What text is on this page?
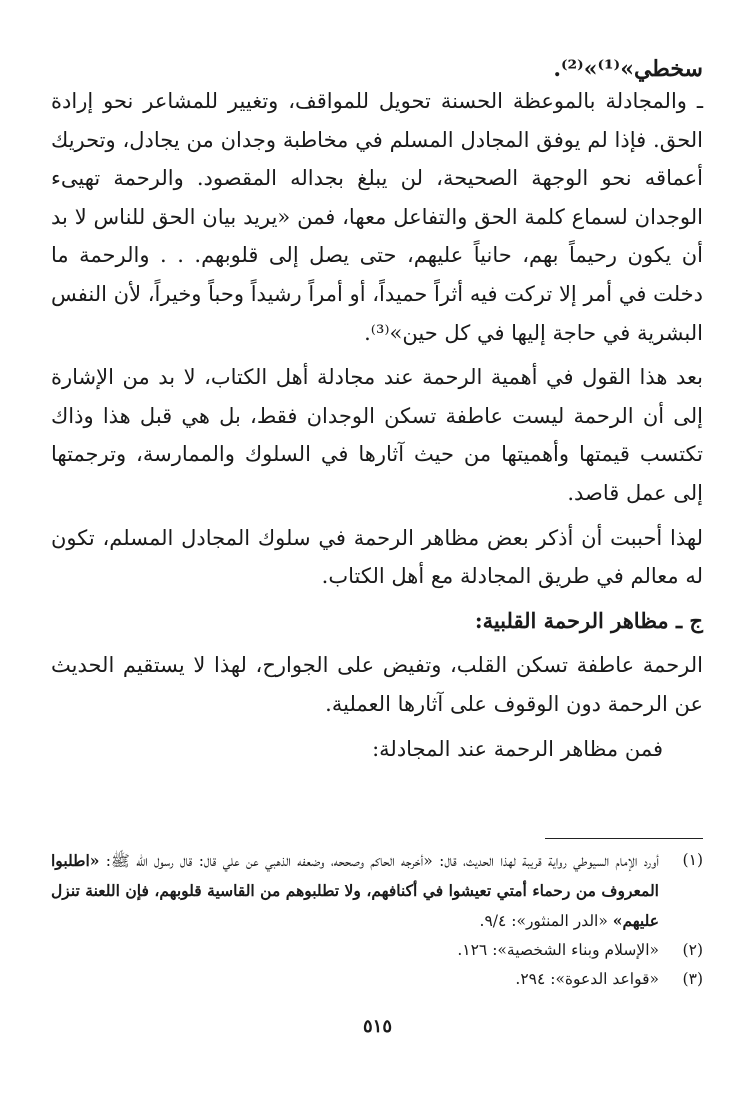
سخطي»⁽¹⁾»⁽²⁾.

ـ والمجادلة بالموعظة الحسنة تحويل للمواقف، وتغيير للمشاعر نحو إرادة الحق. فإذا لم يوفق المجادل المسلم في مخاطبة وجدان من يجادل، وتحريك أعماقه نحو الوجهة الصحيحة، لن يبلغ بجداله المقصود. والرحمة تهيىء الوجدان لسماع كلمة الحق والتفاعل معها، فمن «يريد بيان الحق للناس لا بد أن يكون رحيماً بهم، حانياً عليهم، حتى يصل إلى قلوبهم. . . والرحمة ما دخلت في أمر إلا تركت فيه أثراً حميداً، أو أمراً رشيداً وحباً وخيراً، لأن النفس البشرية في حاجة إليها في كل حين»⁽³⁾.

بعد هذا القول في أهمية الرحمة عند مجادلة أهل الكتاب، لا بد من الإشارة إلى أن الرحمة ليست عاطفة تسكن الوجدان فقط، بل هي قبل هذا وذاك تكتسب قيمتها وأهميتها من حيث آثارها في السلوك والممارسة، وترجمتها إلى عمل قاصد.

لهذا أحببت أن أذكر بعض مظاهر الرحمة في سلوك المجادل المسلم، تكون له معالم في طريق المجادلة مع أهل الكتاب.

ج ـ مظاهر الرحمة القلبية:

الرحمة عاطفة تسكن القلب، وتفيض على الجوارح، لهذا لا يستقيم الحديث عن الرحمة دون الوقوف على آثارها العملية.

فمن مظاهر الرحمة عند المجادلة:

(١)
أورد الإمام السيوطي رواية قريبة لهذا الحديث، قال: «أخرجه الحاكم وصححه، وضعفه الذهبي عن علي قال: قال رسول الله ﷺ: «اطلبوا المعروف من رحماء أمتي تعيشوا في أكنافهم، ولا تطلبوهم من القاسية قلوبهم، فإن اللعنة تنزل عليهم» «الدر المنثور»: ٩/٤.
(٢)
«الإسلام وبناء الشخصية»: ١٢٦.
(٣)
«قواعد الدعوة»: ٢٩٤.
٥١٥
